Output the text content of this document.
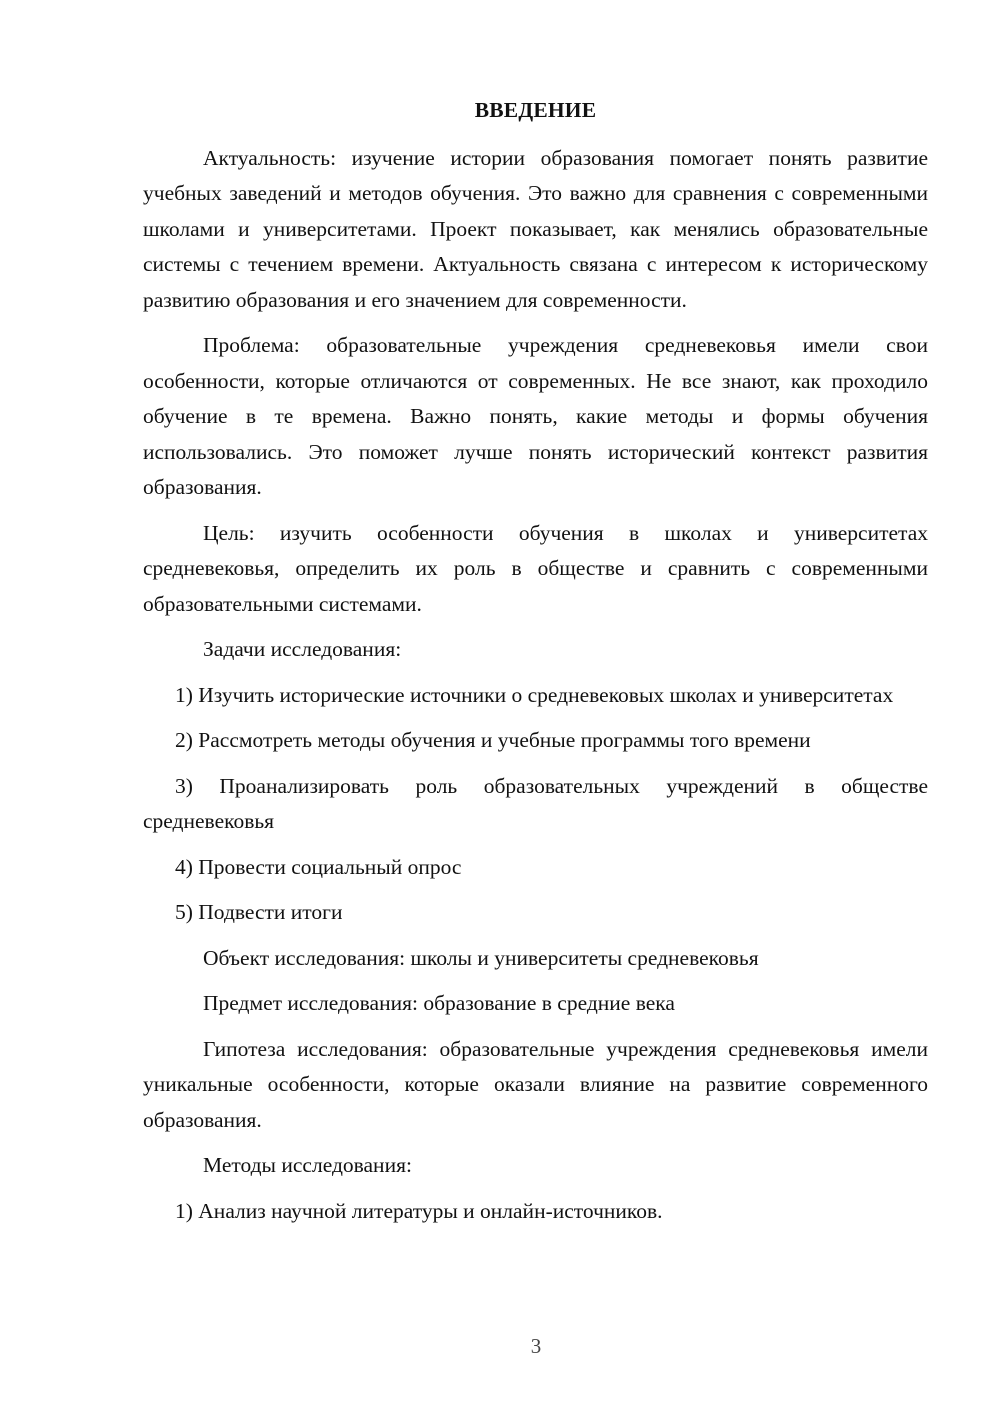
ВВЕДЕНИЕ

Актуальность: изучение истории образования помогает понять развитие учебных заведений и методов обучения. Это важно для сравнения с современными школами и университетами. Проект показывает, как менялись образовательные системы с течением времени. Актуальность связана с интересом к историческому развитию образования и его значением для современности.

Проблема: образовательные учреждения средневековья имели свои особенности, которые отличаются от современных. Не все знают, как проходило обучение в те времена. Важно понять, какие методы и формы обучения использовались. Это поможет лучше понять исторический контекст развития образования.

Цель: изучить особенности обучения в школах и университетах средневековья, определить их роль в обществе и сравнить с современными образовательными системами.

Задачи исследования:

1) Изучить исторические источники о средневековых школах и университетах

2) Рассмотреть методы обучения и учебные программы того времени

3) Проанализировать роль образовательных учреждений в обществе средневековья

4) Провести социальный опрос

5) Подвести итоги

Объект исследования: школы и университеты средневековья

Предмет исследования: образование в средние века

Гипотеза исследования: образовательные учреждения средневековья имели уникальные особенности, которые оказали влияние на развитие современного образования.

Методы исследования:

1) Анализ научной литературы и онлайн-источников.

3
